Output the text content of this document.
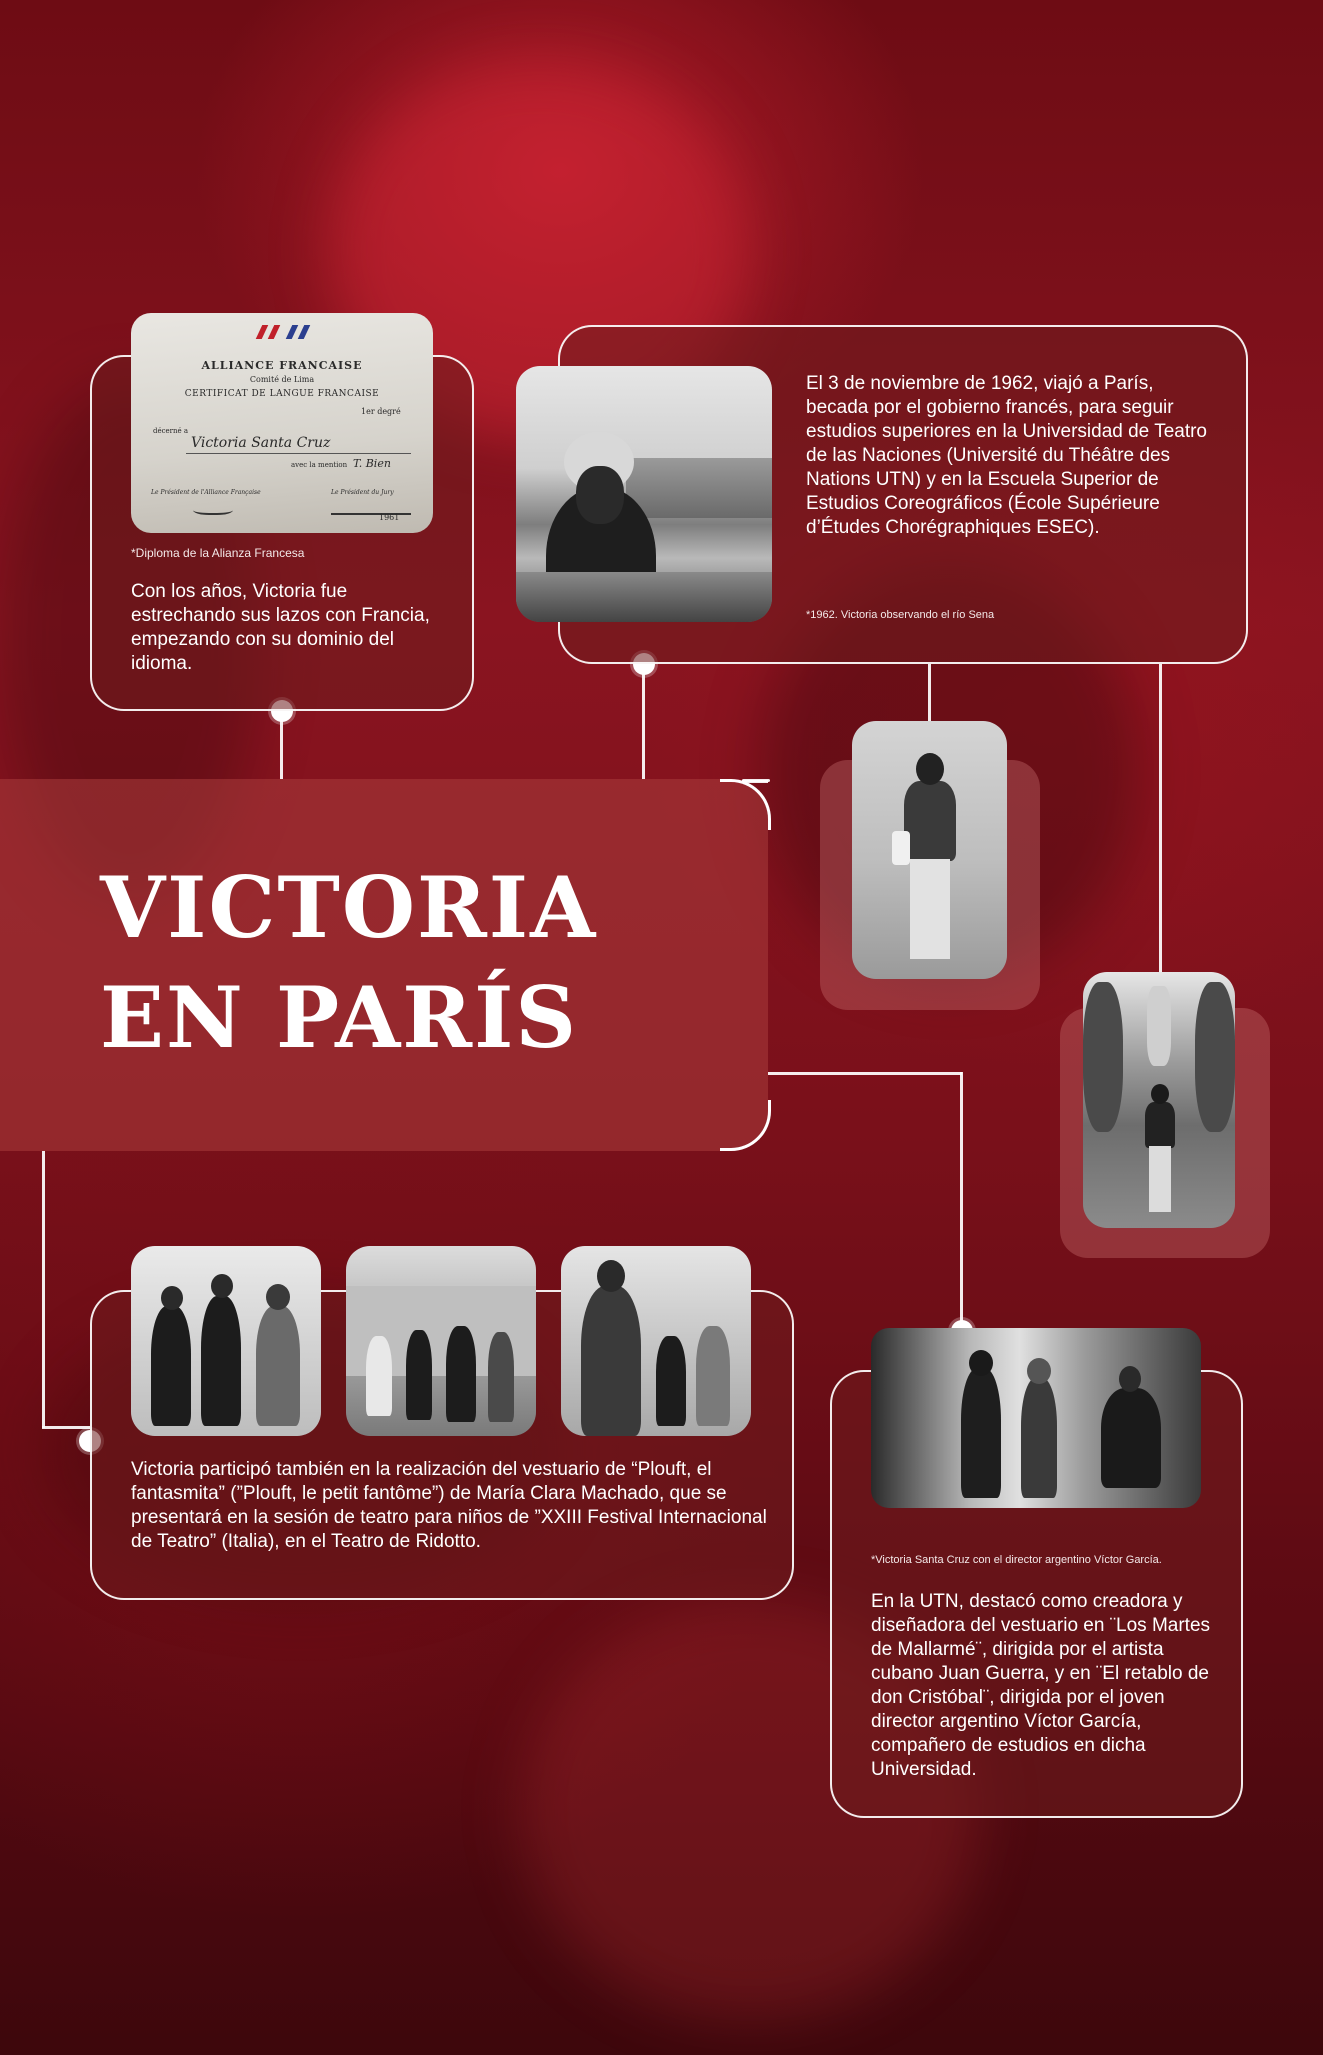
ALLIANCE FRANCAISE
Comité de Lima
CERTIFICAT DE LANGUE FRANCAISE
1er degré
décerné a
Victoria Santa Cruz
avec la mention T. Bien
Le Président de l'Alliance Française	Le Président du Jury
1961
*Diploma de la Alianza Francesa
Con los años, Victoria fue estrechando sus lazos con Francia, empezando con su dominio del idioma.
El 3 de noviembre de 1962, viajó a París, becada por el gobierno francés, para seguir estudios superiores en la Universidad de Teatro de las Naciones (Université du Théâtre des Nations UTN) y en la Escuela Superior de Estudios Coreográficos (École Supérieure d’Études Chorégraphiques ESEC).
*1962. Victoria observando el río Sena
VICTORIA
EN PARÍS
Victoria participó también en la realización del vestuario de “Plouft, el fantasmita” (”Plouft, le petit fantôme”) de María Clara Machado, que se presentará en la sesión de teatro para niños de ”XXIII Festival Internacional de Teatro” (Italia), en el Teatro de Ridotto.
*Victoria Santa Cruz con el director argentino Víctor García.
En la UTN, destacó como creadora y diseñadora del vestuario en ¨Los Martes de Mallarmé¨, dirigida por el artista cubano Juan Guerra, y en ¨El retablo de don Cristóbal¨, dirigida por el joven director argentino Víctor García, compañero de estudios en dicha Universidad.
